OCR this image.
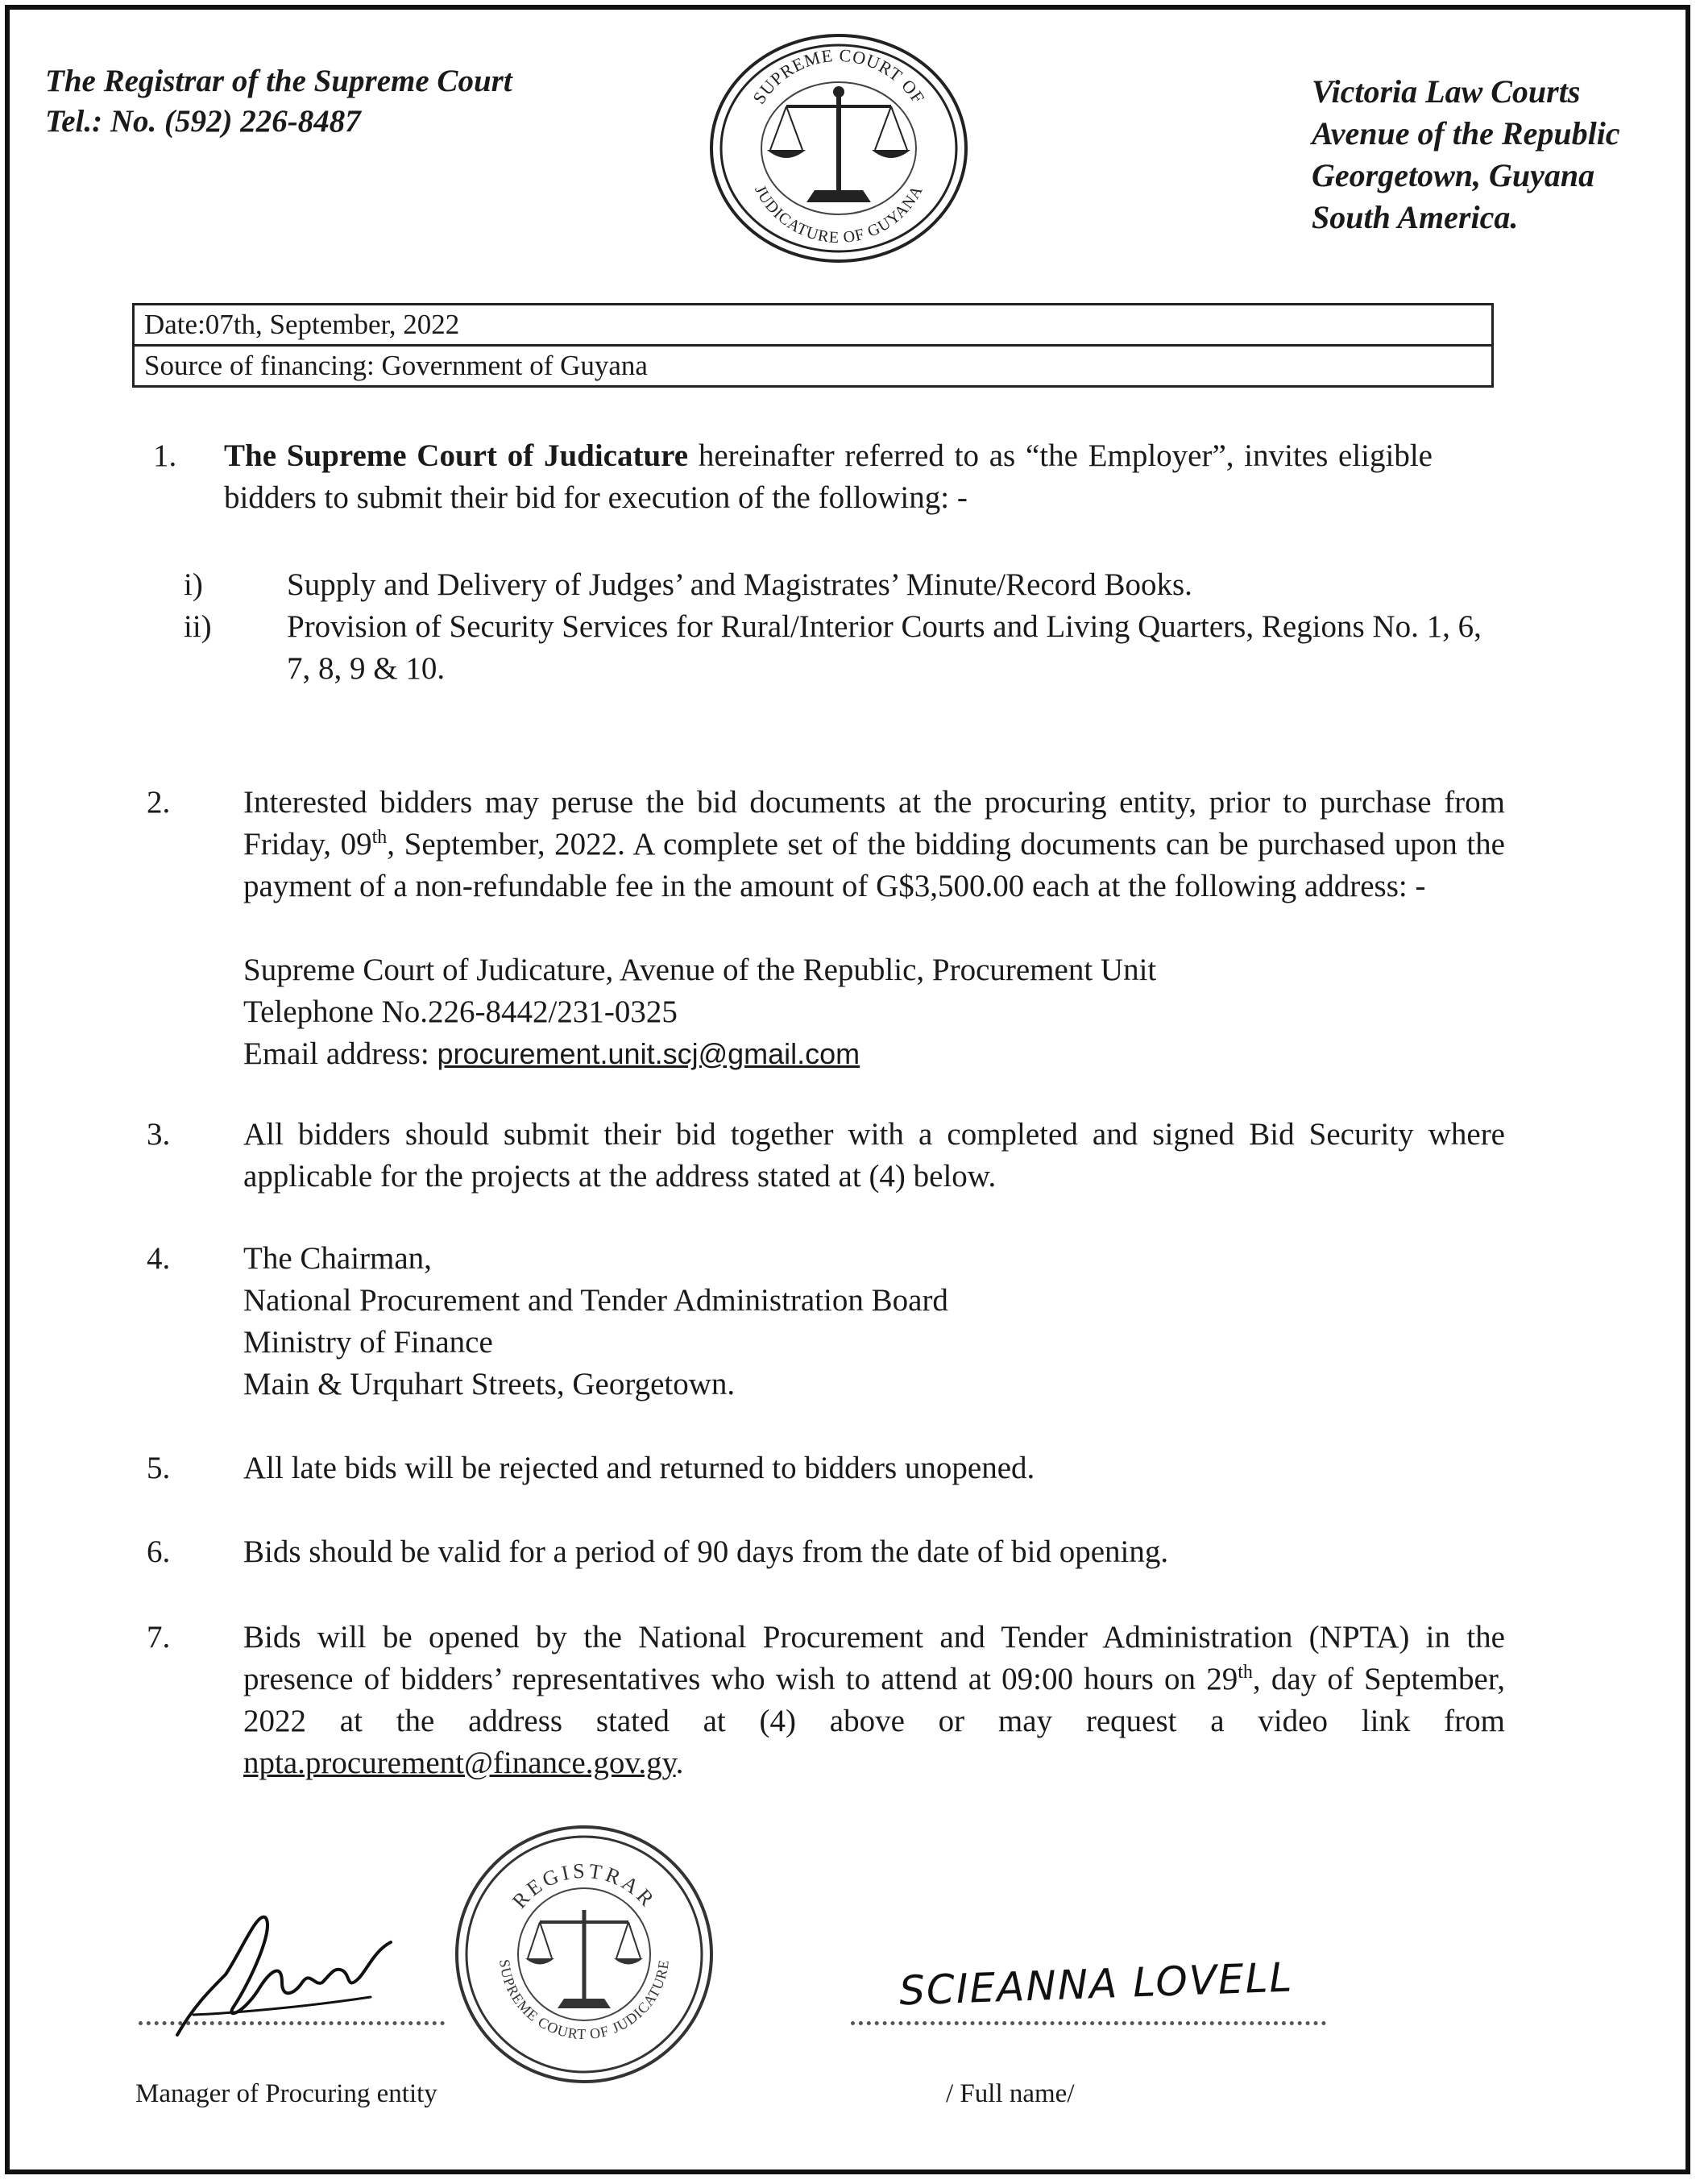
The Registrar of the Supreme Court
Tel.: No. (592) 226-8487
SUPREME COURT OF
JUDICATURE OF GUYANA
Victoria Law Courts
Avenue of the Republic
Georgetown, Guyana
South America.
Date:07th, September, 2022
Source of financing: Government of Guyana
1. The Supreme Court of Judicature hereinafter referred to as “the Employer”, invites eligible bidders to submit their bid for execution of the following: -
i)	Supply and Delivery of Judges’ and Magistrates’ Minute/Record Books.
ii) Provision of Security Services for Rural/Interior Courts and Living Quarters, Regions No. 1, 6, 7, 8, 9 & 10.
2. Interested bidders may peruse the bid documents at the procuring entity, prior to purchase from Friday, 09th, September, 2022. A complete set of the bidding documents can be purchased upon the payment of a non-refundable fee in the amount of G$3,500.00 each at the following address: -
Supreme Court of Judicature, Avenue of the Republic, Procurement Unit
Telephone No.226-8442/231-0325
Email address: procurement.unit.scj@gmail.com
3. All bidders should submit their bid together with a completed and signed Bid Security where applicable for the projects at the address stated at (4) below.
4. The Chairman,
National Procurement and Tender Administration Board
Ministry of Finance
Main & Urquhart Streets, Georgetown.
5. All late bids will be rejected and returned to bidders unopened.
6. Bids should be valid for a period of 90 days from the date of bid opening.
7. Bids will be opened by the National Procurement and Tender Administration (NPTA) in the presence of bidders’ representatives who wish to attend at 09:00 hours on 29th, day of September, 2022 at the address stated at (4) above or may request a video link from npta.procurement@finance.gov.gy.
REGISTRAR
SUPREME COURT OF JUDICATURE
Manager of Procuring entity
SCIEANNA LOVELL
/ Full name/
